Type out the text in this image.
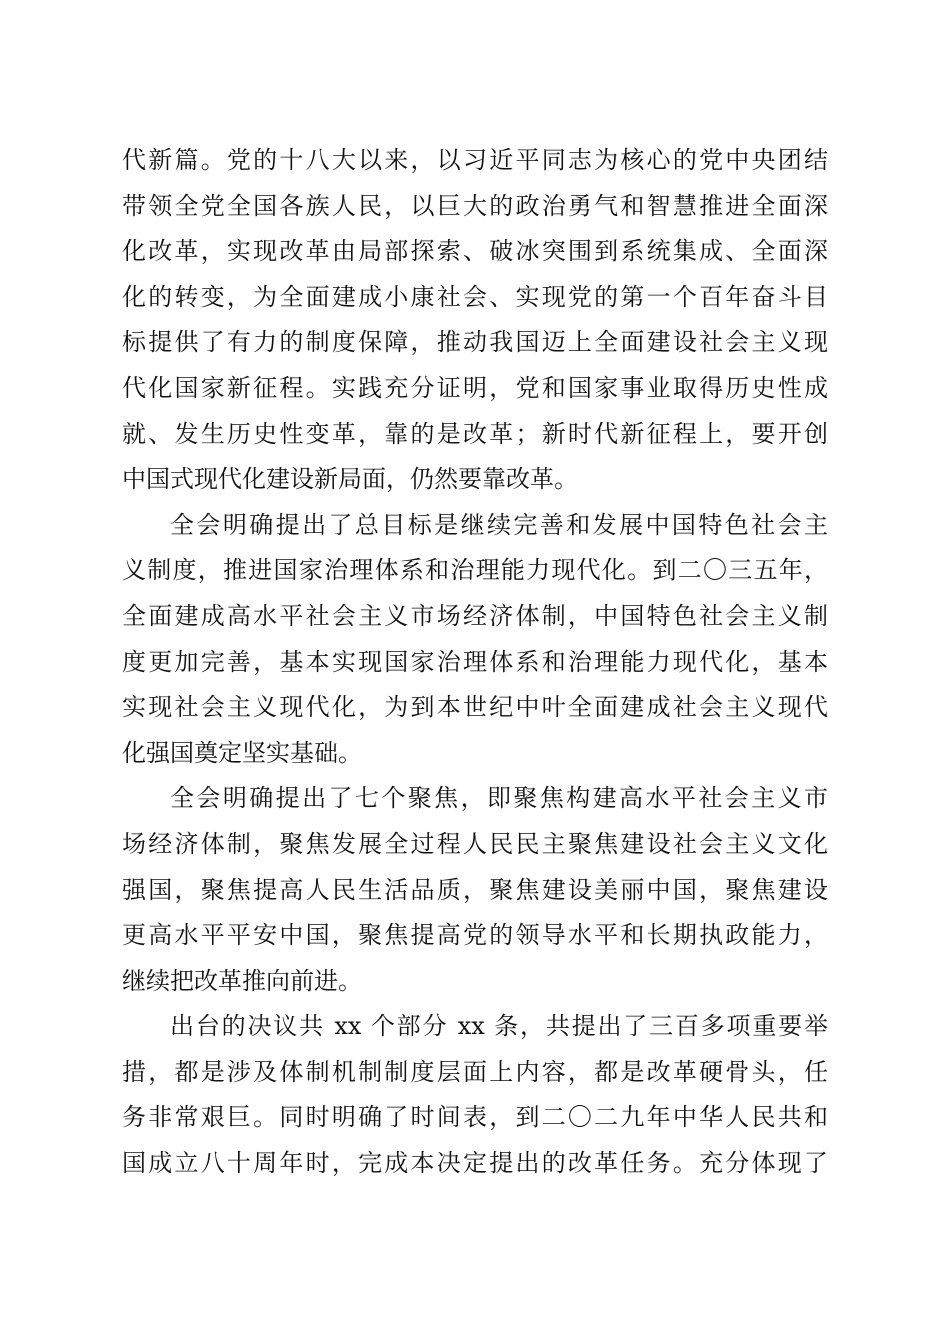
代新篇。党的十八大以来，以习近平同志为核心的党中央团结
带领全党全国各族人民，以巨大的政治勇气和智慧推进全面深
化改革，实现改革由局部探索、破冰突围到系统集成、全面深
化的转变，为全面建成小康社会、实现党的第一个百年奋斗目
标提供了有力的制度保障，推动我国迈上全面建设社会主义现
代化国家新征程。实践充分证明，党和国家事业取得历史性成
就、发生历史性变革，靠的是改革；新时代新征程上，要开创
中国式现代化建设新局面，仍然要靠改革。
全会明确提出了总目标是继续完善和发展中国特色社会主
义制度，推进国家治理体系和治理能力现代化。到二〇三五年，
全面建成高水平社会主义市场经济体制，中国特色社会主义制
度更加完善，基本实现国家治理体系和治理能力现代化，基本
实现社会主义现代化，为到本世纪中叶全面建成社会主义现代
化强国奠定坚实基础。
全会明确提出了七个聚焦，即聚焦构建高水平社会主义市
场经济体制，聚焦发展全过程人民民主聚焦建设社会主义文化
强国，聚焦提高人民生活品质，聚焦建设美丽中国，聚焦建设
更高水平平安中国，聚焦提高党的领导水平和长期执政能力，
继续把改革推向前进。
出台的决议共 xx 个部分 xx 条，共提出了三百多项重要举
措，都是涉及体制机制制度层面上内容，都是改革硬骨头，任
务非常艰巨。同时明确了时间表，到二〇二九年中华人民共和
国成立八十周年时，完成本决定提出的改革任务。充分体现了
